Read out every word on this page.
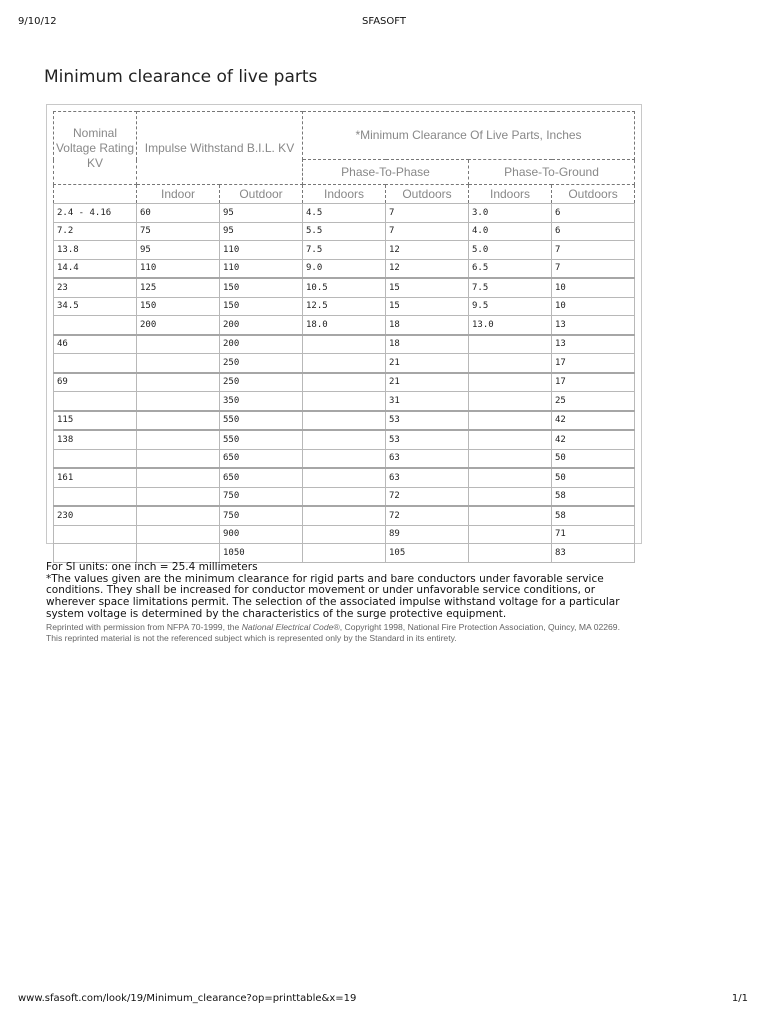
9/10/12	SFASOFT
Minimum clearance of live parts
Nominal Voltage Rating KV	Impulse Withstand B.I.L. KV		*Minimum Clearance Of Live Parts, Inches			
			Phase-To-Phase		Phase-To-Ground	
	Indoor	Outdoor	Indoors	Outdoors	Indoors	Outdoors
2.4 - 4.16	60	95	4.5	7	3.0	6
7.2	75	95	5.5	7	4.0	6
13.8	95	110	7.5	12	5.0	7
14.4	110	110	9.0	12	6.5	7
23	125	150	10.5	15	7.5	10
34.5	150	150	12.5	15	9.5	10
	200	200	18.0	18	13.0	13
46		200		18		13
		250		21		17
69		250		21		17
		350		31		25
115		550		53		42
138		550		53		42
		650		63		50
161		650		63		50
		750		72		58
230		750		72		58
		900		89		71
		1050		105		83

For SI units: one inch = 25.4 millimeters

*The values given are the minimum clearance for rigid parts and bare conductors under favorable service conditions. They shall be increased for conductor movement or under unfavorable service conditions, or wherever space limitations permit. The selection of the associated impulse withstand voltage for a particular system voltage is determined by the characteristics of the surge protective equipment.

Reprinted with permission from NFPA 70-1999, the National Electrical Code®, Copyright 1998, National Fire Protection Association, Quincy, MA 02269. This reprinted material is not the referenced subject which is represented only by the Standard in its entirety.

www.sfasoft.com/look/19/Minimum_clearance?op=printtable&x=19	1/1
